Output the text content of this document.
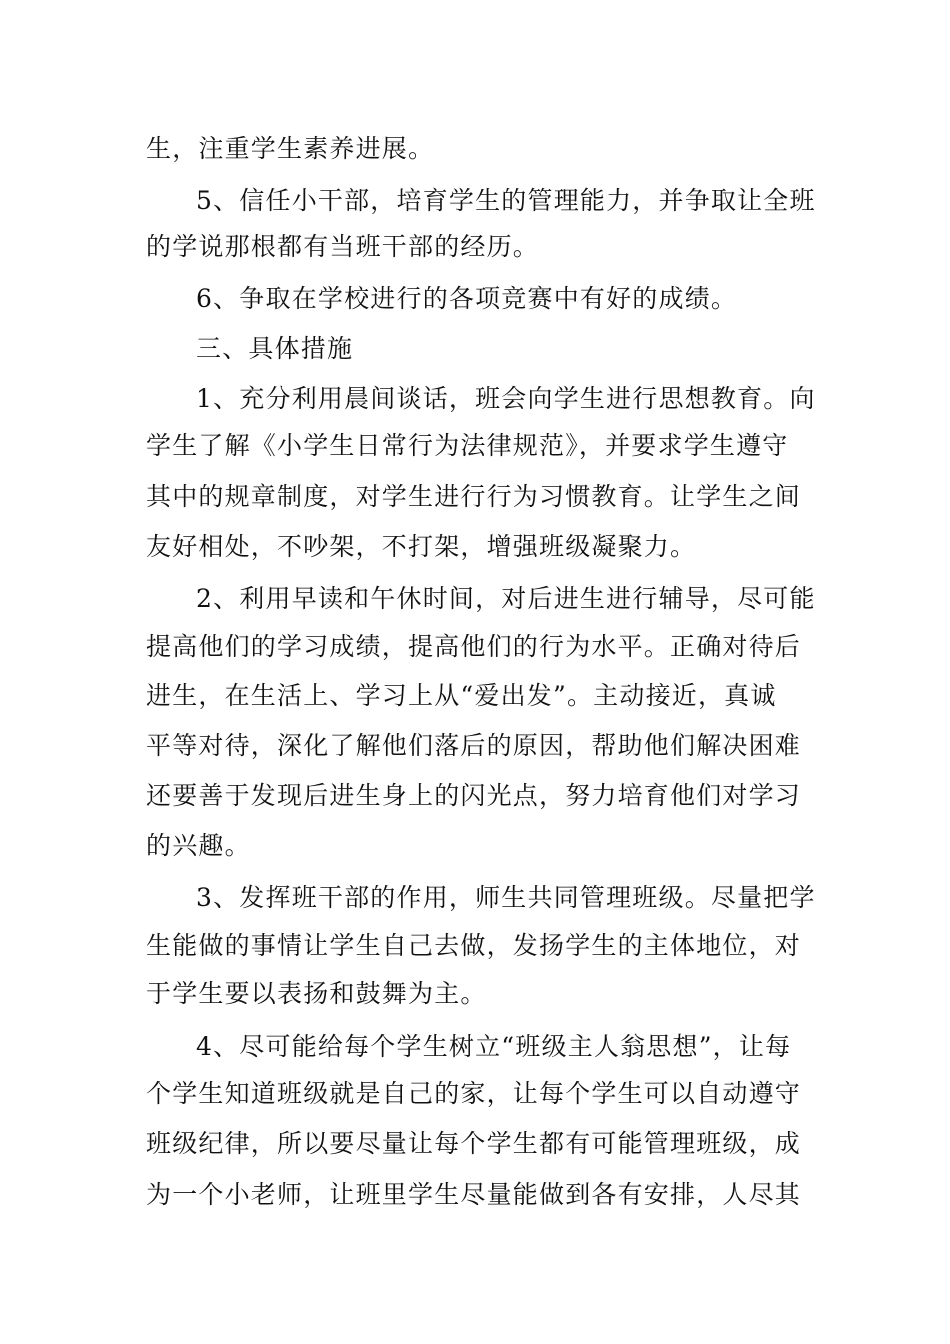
生，注重学生素养进展。
5、信任小干部，培育学生的管理能力，并争取让全班
的学说那根都有当班干部的经历。
6、争取在学校进行的各项竞赛中有好的成绩。
三、具体措施
1、充分利用晨间谈话，班会向学生进行思想教育。向
学生了解《小学生日常行为法律规范》，并要求学生遵守
其中的规章制度，对学生进行行为习惯教育。让学生之间
友好相处，不吵架，不打架，增强班级凝聚力。
2、利用早读和午休时间，对后进生进行辅导，尽可能
提高他们的学习成绩，提高他们的行为水平。正确对待后
进生，在生活上、学习上从“爱出发”。主动接近，真诚
平等对待，深化了解他们落后的原因，帮助他们解决困难
还要善于发现后进生身上的闪光点，努力培育他们对学习
的兴趣。
3、发挥班干部的作用，师生共同管理班级。尽量把学
生能做的事情让学生自己去做，发扬学生的主体地位，对
于学生要以表扬和鼓舞为主。
4、尽可能给每个学生树立“班级主人翁思想”，让每
个学生知道班级就是自己的家，让每个学生可以自动遵守
班级纪律，所以要尽量让每个学生都有可能管理班级，成
为一个小老师，让班里学生尽量能做到各有安排，人尽其
